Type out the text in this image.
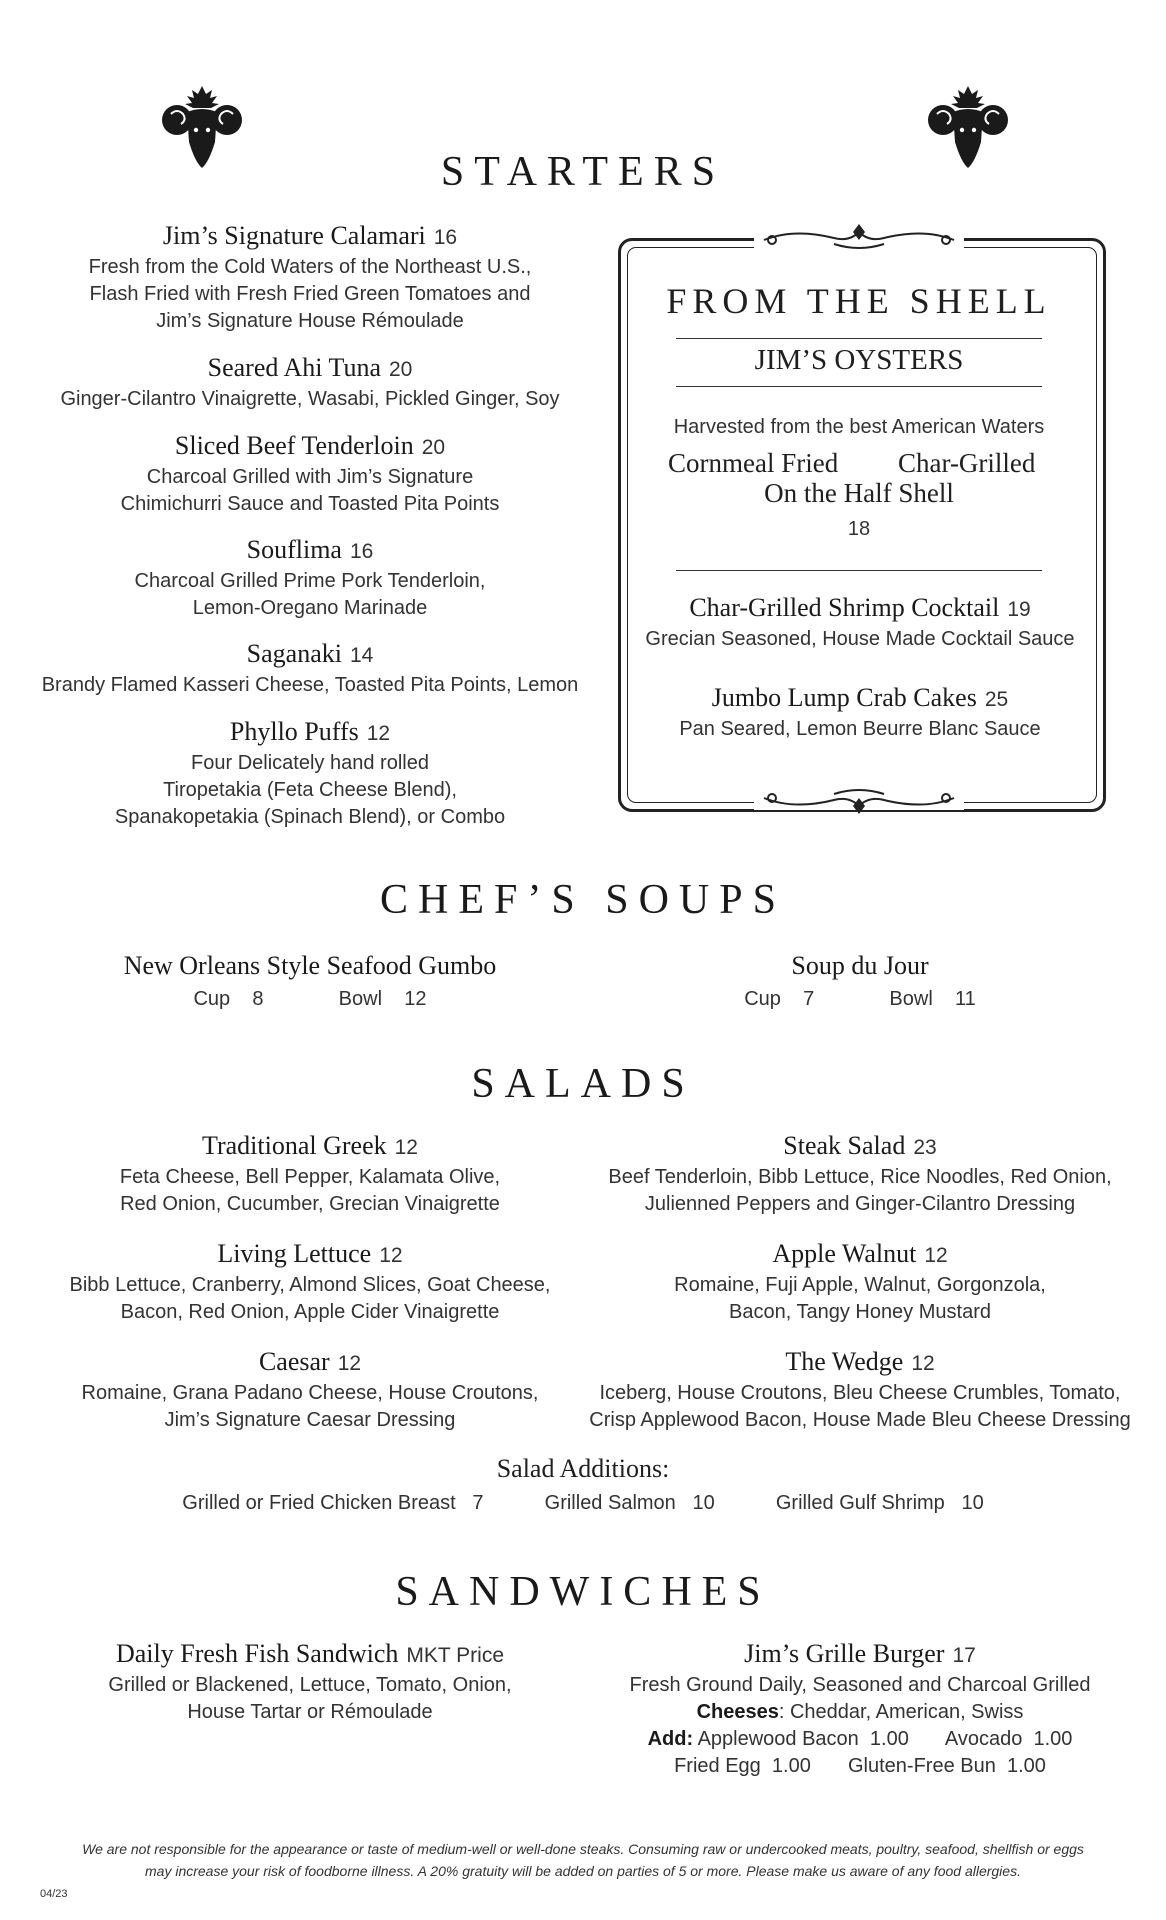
STARTERS
Jim’s Signature Calamari 16
Fresh from the Cold Waters of the Northeast U.S.,
Flash Fried with Fresh Fried Green Tomatoes and
Jim’s Signature House Rémoulade
Seared Ahi Tuna 20
Ginger-Cilantro Vinaigrette, Wasabi, Pickled Ginger, Soy
Sliced Beef Tenderloin 20
Charcoal Grilled with Jim’s Signature
Chimichurri Sauce and Toasted Pita Points
Souflima 16
Charcoal Grilled Prime Pork Tenderloin,
Lemon-Oregano Marinade
Saganaki 14
Brandy Flamed Kasseri Cheese, Toasted Pita Points, Lemon
Phyllo Puffs 12
Four Delicately hand rolled
Tiropetakia (Feta Cheese Blend),
Spanakopetakia (Spinach Blend), or Combo
FROM THE SHELL
JIM’S OYSTERS
Harvested from the best American Waters
Cornmeal Fried Char-Grilled
On the Half Shell
18
Char-Grilled Shrimp Cocktail 19
Grecian Seasoned, House Made Cocktail Sauce
Jumbo Lump Crab Cakes 25
Pan Seared, Lemon Beurre Blanc Sauce
CHEF’S SOUPS
New Orleans Style Seafood Gumbo
Cup 8	Bowl 12
Soup du Jour
Cup 7	Bowl 11
SALADS
Traditional Greek 12
Feta Cheese, Bell Pepper, Kalamata Olive,
Red Onion, Cucumber, Grecian Vinaigrette
Steak Salad 23
Beef Tenderloin, Bibb Lettuce, Rice Noodles, Red Onion,
Julienned Peppers and Ginger-Cilantro Dressing
Living Lettuce 12
Bibb Lettuce, Cranberry, Almond Slices, Goat Cheese,
Bacon, Red Onion, Apple Cider Vinaigrette
Apple Walnut 12
Romaine, Fuji Apple, Walnut, Gorgonzola,
Bacon, Tangy Honey Mustard
Caesar 12
Romaine, Grana Padano Cheese, House Croutons,
Jim’s Signature Caesar Dressing
The Wedge 12
Iceberg, House Croutons, Bleu Cheese Crumbles, Tomato,
Crisp Applewood Bacon, House Made Bleu Cheese Dressing
Salad Additions:
Grilled or Fried Chicken Breast 7	Grilled Salmon 10	Grilled Gulf Shrimp 10
SANDWICHES
Daily Fresh Fish Sandwich MKT Price
Grilled or Blackened, Lettuce, Tomato, Onion,
House Tartar or Rémoulade
Jim’s Grille Burger 17
Fresh Ground Daily, Seasoned and Charcoal Grilled
Cheeses: Cheddar, American, Swiss
Add: Applewood Bacon 1.00 Avocado 1.00
Fried Egg 1.00 Gluten-Free Bun 1.00
We are not responsible for the appearance or taste of medium-well or well-done steaks. Consuming raw or undercooked meats, poultry, seafood, shellfish or eggs
may increase your risk of foodborne illness. A 20% gratuity will be added on parties of 5 or more. Please make us aware of any food allergies.
04/23
